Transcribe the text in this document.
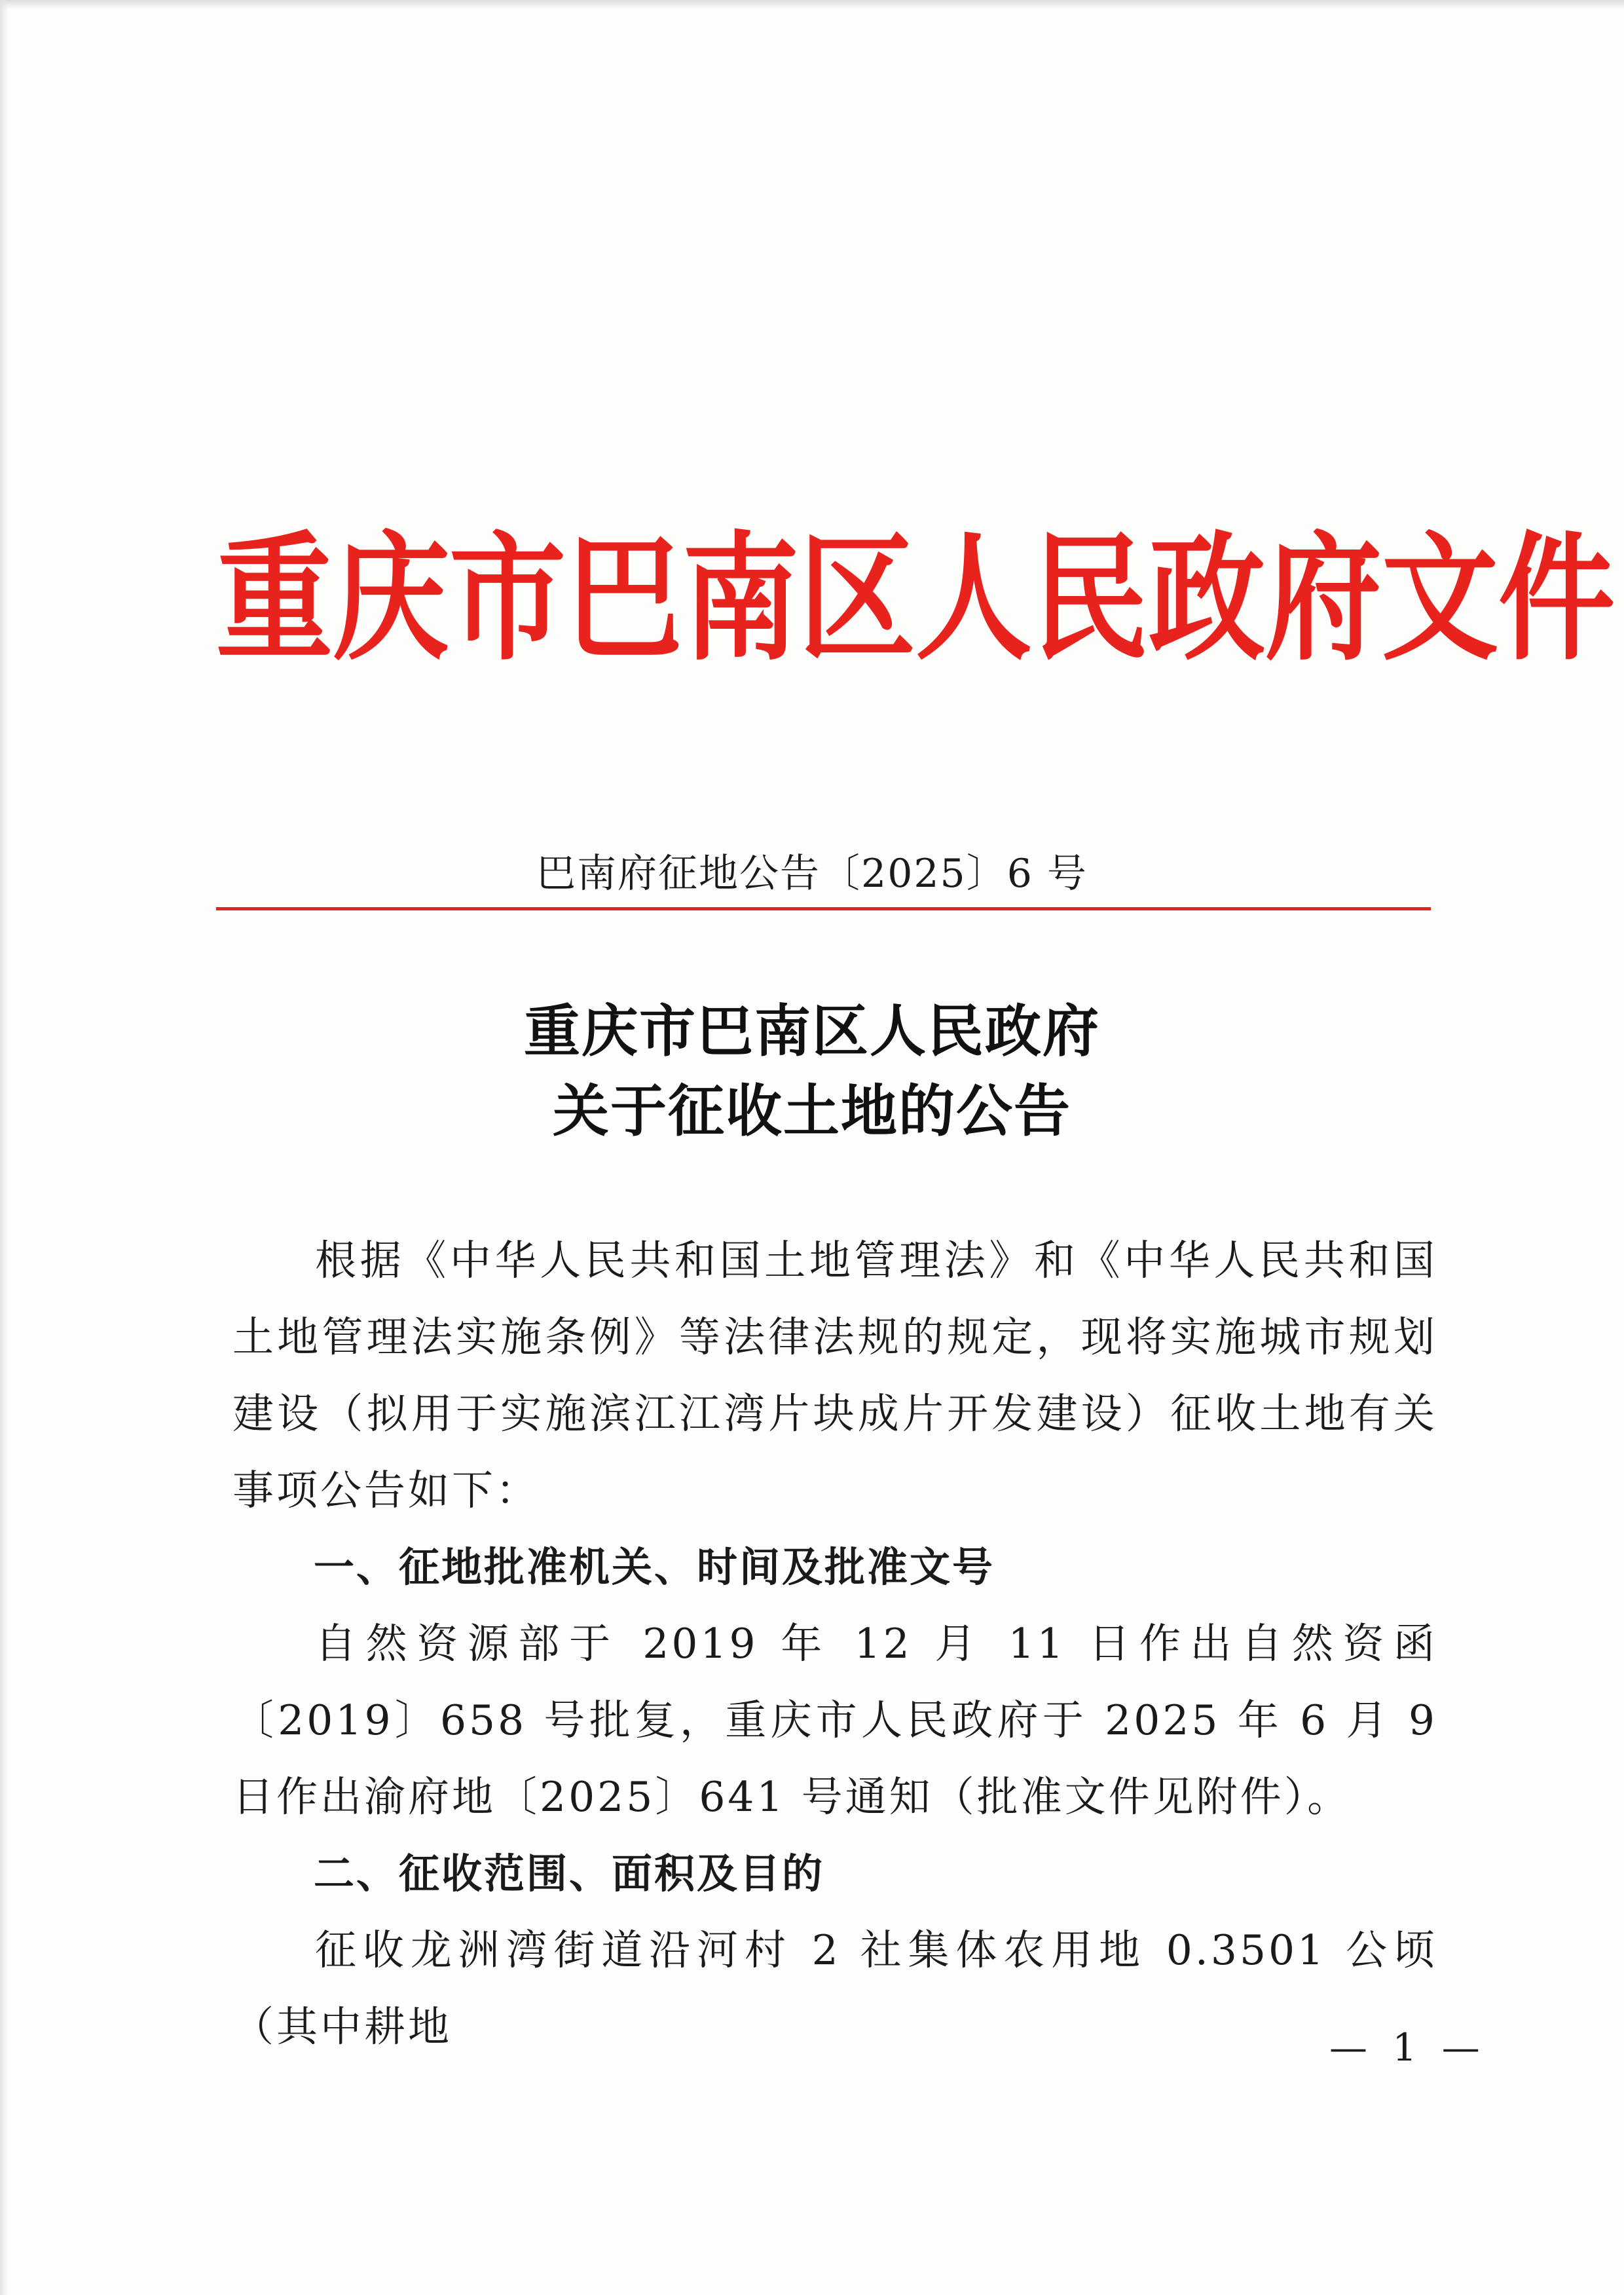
重 庆 市 巴 南 区 人 民 政 府 文 件
巴南府征地公告〔2025〕6 号
重庆市巴南区人民政府
关于征收土地的公告

根据《中华人民共和国土地管理法》和《中华人民共和国土地管理法实施条例》等法律法规的规定，现将实施城市规划建设（拟用于实施滨江江湾片块成片开发建设）征收土地有关事项公告如下：

一、征地批准机关、时间及批准文号

自然资源部于 2019 年 12 月 11 日作出自然资函〔2019〕658 号批复，重庆市人民政府于 2025 年 6 月 9 日作出渝府地〔2025〕641 号通知（批准文件见附件）。

二、征收范围、面积及目的

征收龙洲湾街道沿河村 2 社集体农用地 0.3501 公顷（其中耕地	— 1 —
